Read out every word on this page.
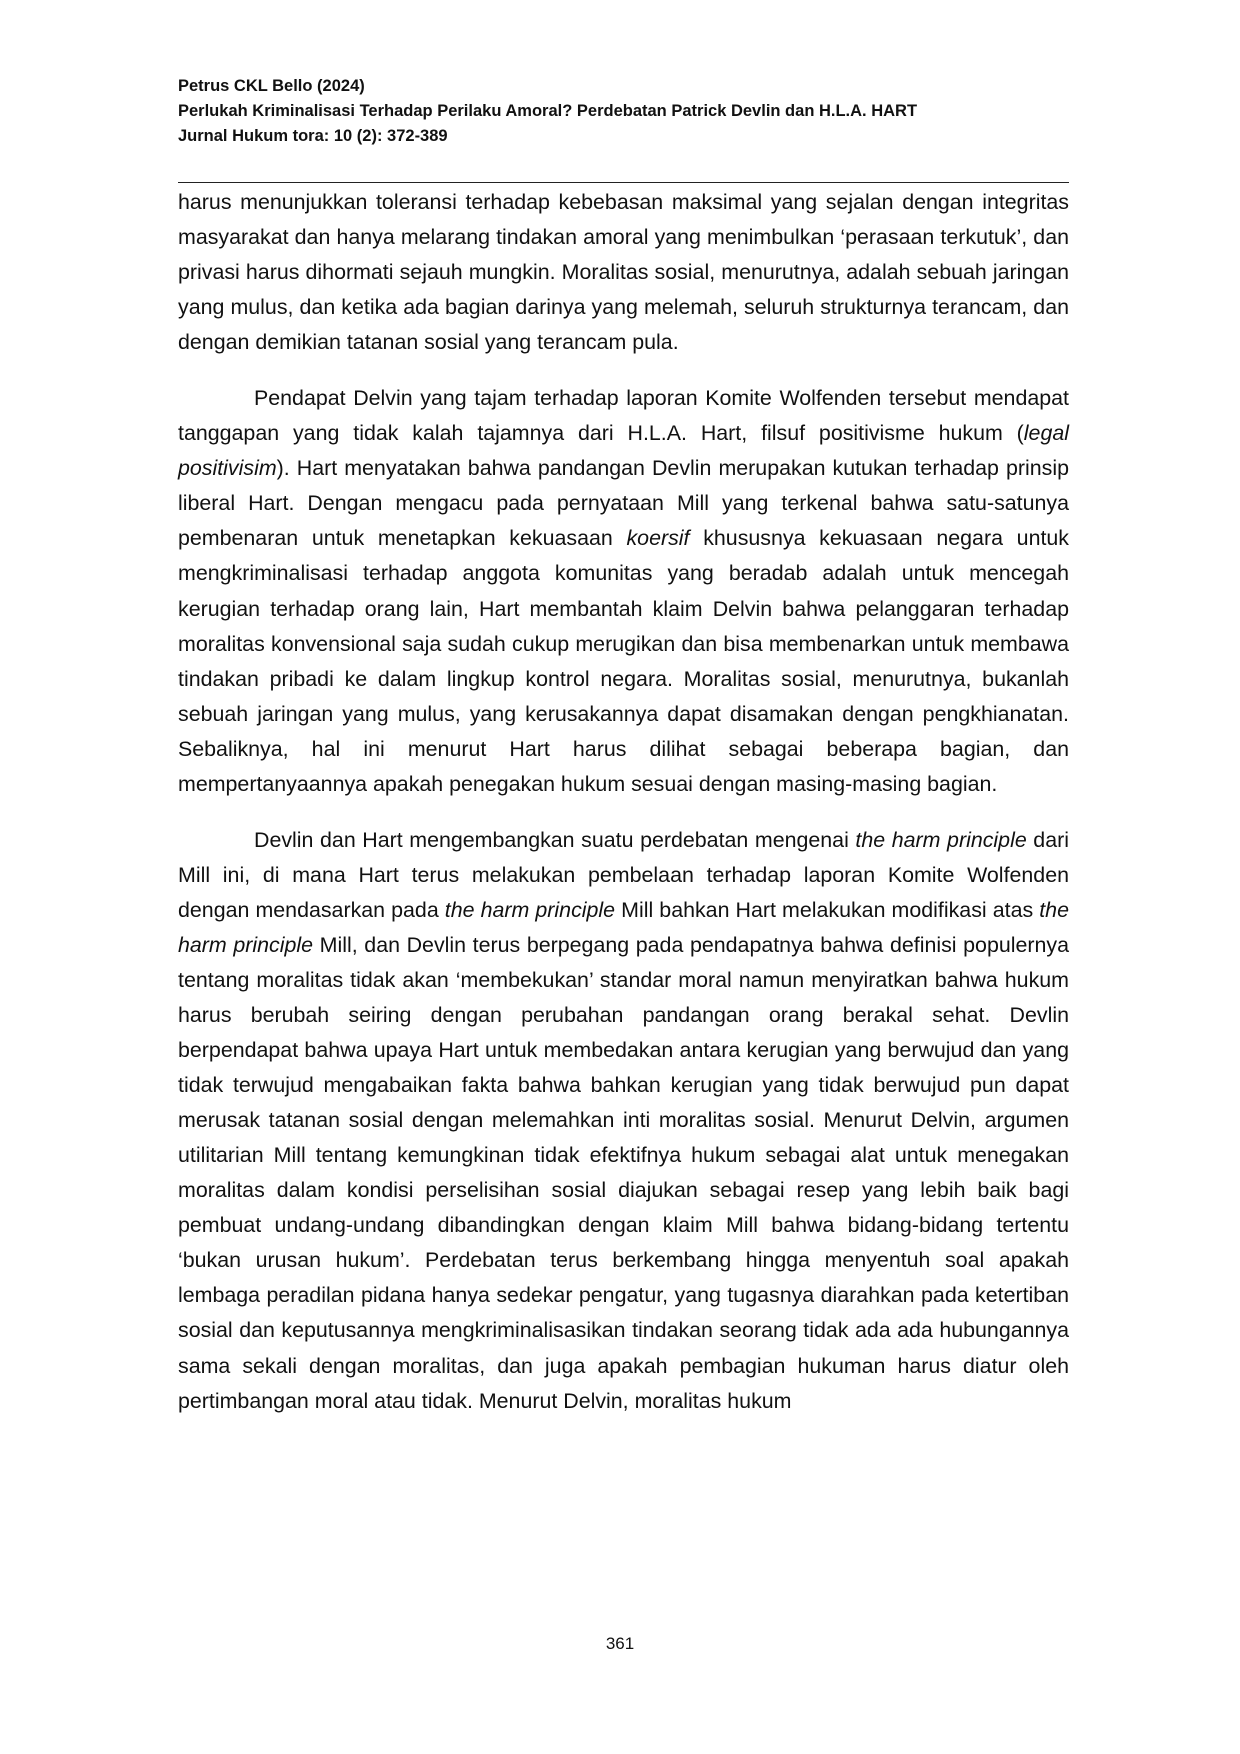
Petrus CKL Bello (2024)
Perlukah Kriminalisasi Terhadap Perilaku Amoral? Perdebatan Patrick Devlin dan H.L.A. HART
Jurnal Hukum tora: 10 (2): 372-389

harus menunjukkan toleransi terhadap kebebasan maksimal yang sejalan dengan integritas masyarakat dan hanya melarang tindakan amoral yang menimbulkan ‘perasaan terkutuk’, dan privasi harus dihormati sejauh mungkin. Moralitas sosial, menurutnya, adalah sebuah jaringan yang mulus, dan ketika ada bagian darinya yang melemah, seluruh strukturnya terancam, dan dengan demikian tatanan sosial yang terancam pula.

Pendapat Delvin yang tajam terhadap laporan Komite Wolfenden tersebut mendapat tanggapan yang tidak kalah tajamnya dari H.L.A. Hart, filsuf positivisme hukum (legal positivisim). Hart menyatakan bahwa pandangan Devlin merupakan kutukan terhadap prinsip liberal Hart. Dengan mengacu pada pernyataan Mill yang terkenal bahwa satu-satunya pembenaran untuk menetapkan kekuasaan koersif khususnya kekuasaan negara untuk mengkriminalisasi terhadap anggota komunitas yang beradab adalah untuk mencegah kerugian terhadap orang lain, Hart membantah klaim Delvin bahwa pelanggaran terhadap moralitas konvensional saja sudah cukup merugikan dan bisa membenarkan untuk membawa tindakan pribadi ke dalam lingkup kontrol negara. Moralitas sosial, menurutnya, bukanlah sebuah jaringan yang mulus, yang kerusakannya dapat disamakan dengan pengkhianatan. Sebaliknya, hal ini menurut Hart harus dilihat sebagai beberapa bagian, dan mempertanyaannya apakah penegakan hukum sesuai dengan masing-masing bagian.

Devlin dan Hart mengembangkan suatu perdebatan mengenai the harm principle dari Mill ini, di mana Hart terus melakukan pembelaan terhadap laporan Komite Wolfenden dengan mendasarkan pada the harm principle Mill bahkan Hart melakukan modifikasi atas the harm principle Mill, dan Devlin terus berpegang pada pendapatnya bahwa definisi populernya tentang moralitas tidak akan ‘membekukan’ standar moral namun menyiratkan bahwa hukum harus berubah seiring dengan perubahan pandangan orang berakal sehat. Devlin berpendapat bahwa upaya Hart untuk membedakan antara kerugian yang berwujud dan yang tidak terwujud mengabaikan fakta bahwa bahkan kerugian yang tidak berwujud pun dapat merusak tatanan sosial dengan melemahkan inti moralitas sosial. Menurut Delvin, argumen utilitarian Mill tentang kemungkinan tidak efektifnya hukum sebagai alat untuk menegakan moralitas dalam kondisi perselisihan sosial diajukan sebagai resep yang lebih baik bagi pembuat undang-undang dibandingkan dengan klaim Mill bahwa bidang-bidang tertentu ‘bukan urusan hukum’. Perdebatan terus berkembang hingga menyentuh soal apakah lembaga peradilan pidana hanya sedekar pengatur, yang tugasnya diarahkan pada ketertiban sosial dan keputusannya mengkriminalisasikan tindakan seorang tidak ada ada hubungannya sama sekali dengan moralitas, dan juga apakah pembagian hukuman harus diatur oleh pertimbangan moral atau tidak. Menurut Delvin, moralitas hukum

361
